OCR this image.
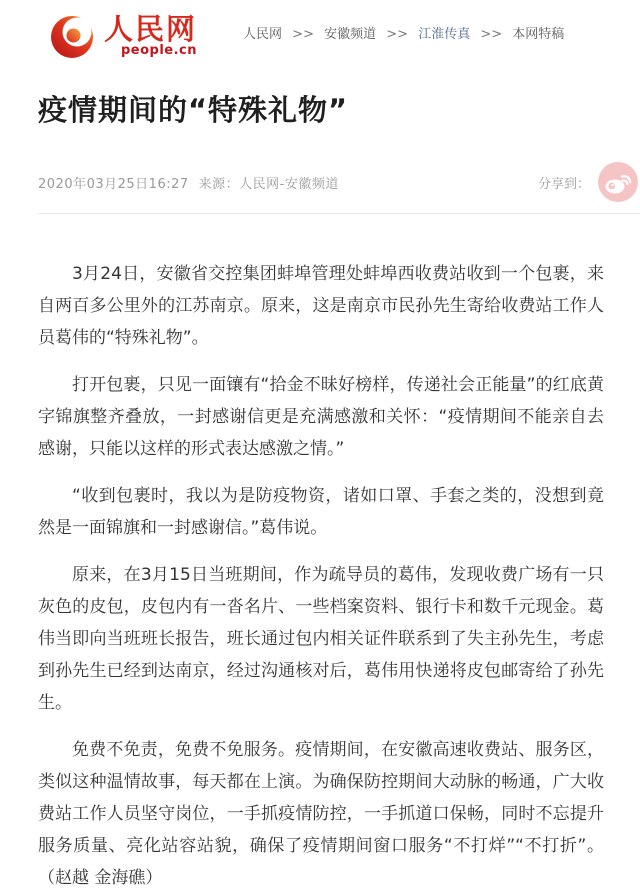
人民网
people.cn
人民网 >> 安徽频道 >> 江淮传真 >> 本网特稿
疫情期间的“特殊礼物”
2020年03月25日16:27 来源：人民网-安徽频道	分享到：

3月24日，安徽省交控集团蚌埠管理处蚌埠西收费站收到一个包裹，来自两百多公里外的江苏南京。原来，这是南京市民孙先生寄给收费站工作人员葛伟的“特殊礼物”。

打开包裹，只见一面镶有“拾金不昧好榜样，传递社会正能量”的红底黄字锦旗整齐叠放，一封感谢信更是充满感激和关怀：“疫情期间不能亲自去感谢，只能以这样的形式表达感激之情。”

“收到包裹时，我以为是防疫物资，诸如口罩、手套之类的，没想到竟然是一面锦旗和一封感谢信。”葛伟说。

原来，在3月15日当班期间，作为疏导员的葛伟，发现收费广场有一只灰色的皮包，皮包内有一沓名片、一些档案资料、银行卡和数千元现金。葛伟当即向当班班长报告，班长通过包内相关证件联系到了失主孙先生，考虑到孙先生已经到达南京，经过沟通核对后，葛伟用快递将皮包邮寄给了孙先生。

免费不免责，免费不免服务。疫情期间，在安徽高速收费站、服务区，类似这种温情故事，每天都在上演。为确保防控期间大动脉的畅通，广大收费站工作人员坚守岗位，一手抓疫情防控，一手抓道口保畅，同时不忘提升服务质量、亮化站容站貌，确保了疫情期间窗口服务“不打烊”“不打折”。（赵越 金海礁）
